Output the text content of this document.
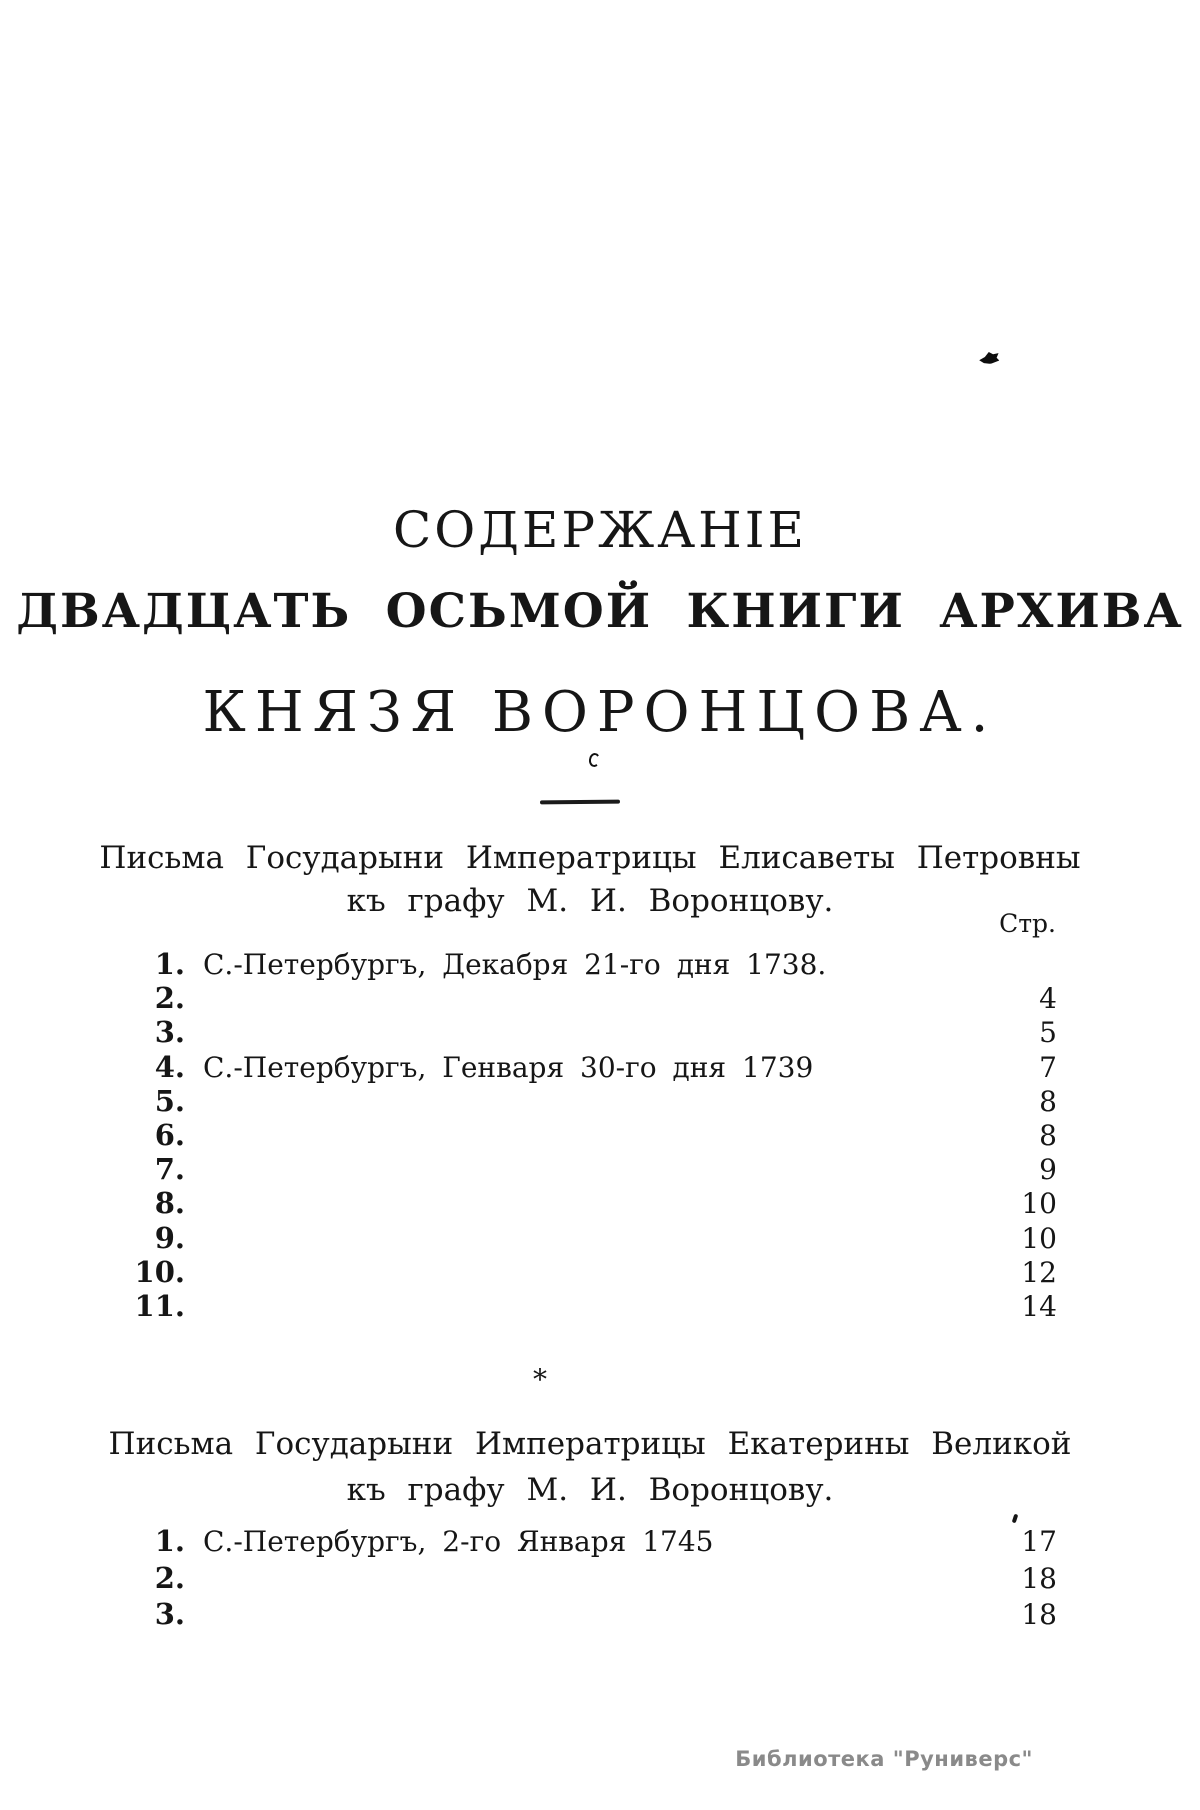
СОДЕРЖАНІЕ
ДВАДЦАТЬ ОСЬМОЙ КНИГИ АРХИВА
КНЯЗЯ ВОРОНЦОВА.
Письма Государыни Императрицы Елисаветы Петровны
къ графу М. И. Воронцову.
Стр.
1. С.-Петербургъ, Декабря 21-го дня 1738.
2.	4
3.	5
4. С.-Петербургъ, Генваря 30-го дня 1739	7
5.	8
6.	8
7.	9
8.	10
9.	10
10.	12
11.	14
*
Письма Государыни Императрицы Екатерины Великой
къ графу М. И. Воронцову.
1. С.-Петербургъ, 2-го Января 1745	17
2.	18
3.	18
Библиотека "Руниверс"
